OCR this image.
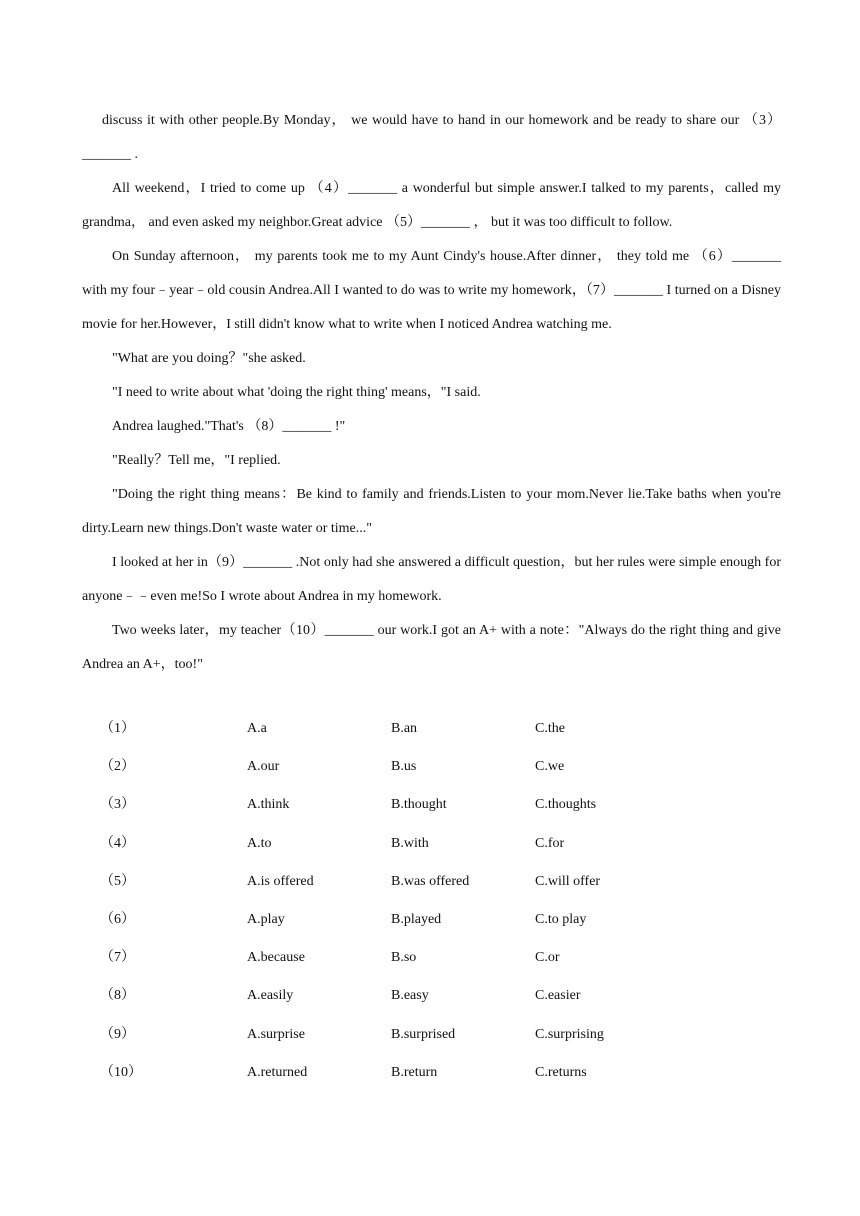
discuss it with other people.By Monday， we would have to hand in our homework and be ready to share our （3）_______ .

All weekend，I tried to come up （4）_______ a wonderful but simple answer.I talked to my parents，called my grandma， and even asked my neighbor.Great advice （5）_______ ， but it was too difficult to follow.

On Sunday afternoon， my parents took me to my Aunt Cindy's house.After dinner， they told me （6）_______ with my four﹣year﹣old cousin Andrea.All I wanted to do was to write my homework，（7）_______ I turned on a Disney movie for her.However，I still didn't know what to write when I noticed Andrea watching me.

"What are you doing？"she asked.

"I need to write about what 'doing the right thing' means，"I said.

Andrea laughed."That's （8）_______ !"

"Really？Tell me，"I replied.

"Doing the right thing means：Be kind to family and friends.Listen to your mom.Never lie.Take baths when you're dirty.Learn new things.Don't waste water or time..."

I looked at her in（9）_______ .Not only had she answered a difficult question，but her rules were simple enough for anyone﹣﹣even me!So I wrote about Andrea in my homework.

Two weeks later，my teacher（10）_______ our work.I got an A+ with a note："Always do the right thing and give Andrea an A+，too!"

（1）	A.a	B.an	C.the
（2）	A.our	B.us	C.we
（3）	A.think	B.thought	C.thoughts
（4）	A.to	B.with	C.for
（5）	A.is offered	B.was offered	C.will offer
（6）	A.play	B.played	C.to play
（7）	A.because	B.so	C.or
（8）	A.easily	B.easy	C.easier
（9）	A.surprise	B.surprised	C.surprising
（10）	A.returned	B.return	C.returns
